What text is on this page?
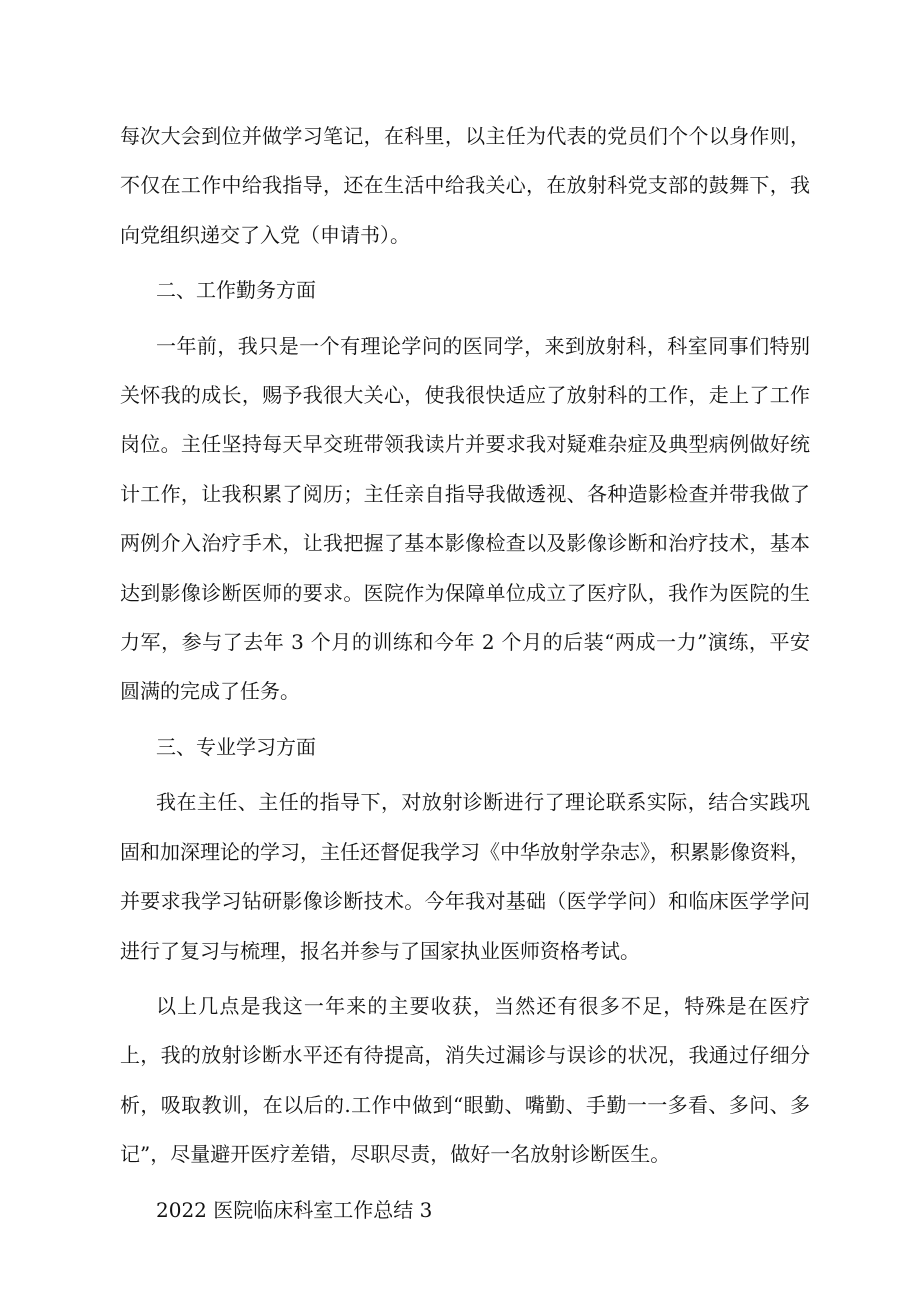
每次大会到位并做学习笔记，在科里，以主任为代表的党员们个个以身作则，不仅在工作中给我指导，还在生活中给我关心，在放射科党支部的鼓舞下，我向党组织递交了入党（申请书）。

二、工作勤务方面

一年前，我只是一个有理论学问的医同学，来到放射科，科室同事们特别关怀我的成长，赐予我很大关心，使我很快适应了放射科的工作，走上了工作岗位。主任坚持每天早交班带领我读片并要求我对疑难杂症及典型病例做好统计工作，让我积累了阅历；主任亲自指导我做透视、各种造影检查并带我做了两例介入治疗手术，让我把握了基本影像检查以及影像诊断和治疗技术，基本达到影像诊断医师的要求。医院作为保障单位成立了医疗队，我作为医院的生力军，参与了去年 3 个月的训练和今年 2 个月的后装“两成一力”演练，平安圆满的完成了任务。

三、专业学习方面

我在主任、主任的指导下，对放射诊断进行了理论联系实际，结合实践巩固和加深理论的学习，主任还督促我学习《中华放射学杂志》，积累影像资料，并要求我学习钻研影像诊断技术。今年我对基础（医学学问）和临床医学学问进行了复习与梳理，报名并参与了国家执业医师资格考试。

以上几点是我这一年来的主要收获，当然还有很多不足，特殊是在医疗上，我的放射诊断水平还有待提高，消失过漏诊与误诊的状况，我通过仔细分析，吸取教训，在以后的.工作中做到“眼勤、嘴勤、手勤一一多看、多问、多记”，尽量避开医疗差错，尽职尽责，做好一名放射诊断医生。

2022 医院临床科室工作总结 3
